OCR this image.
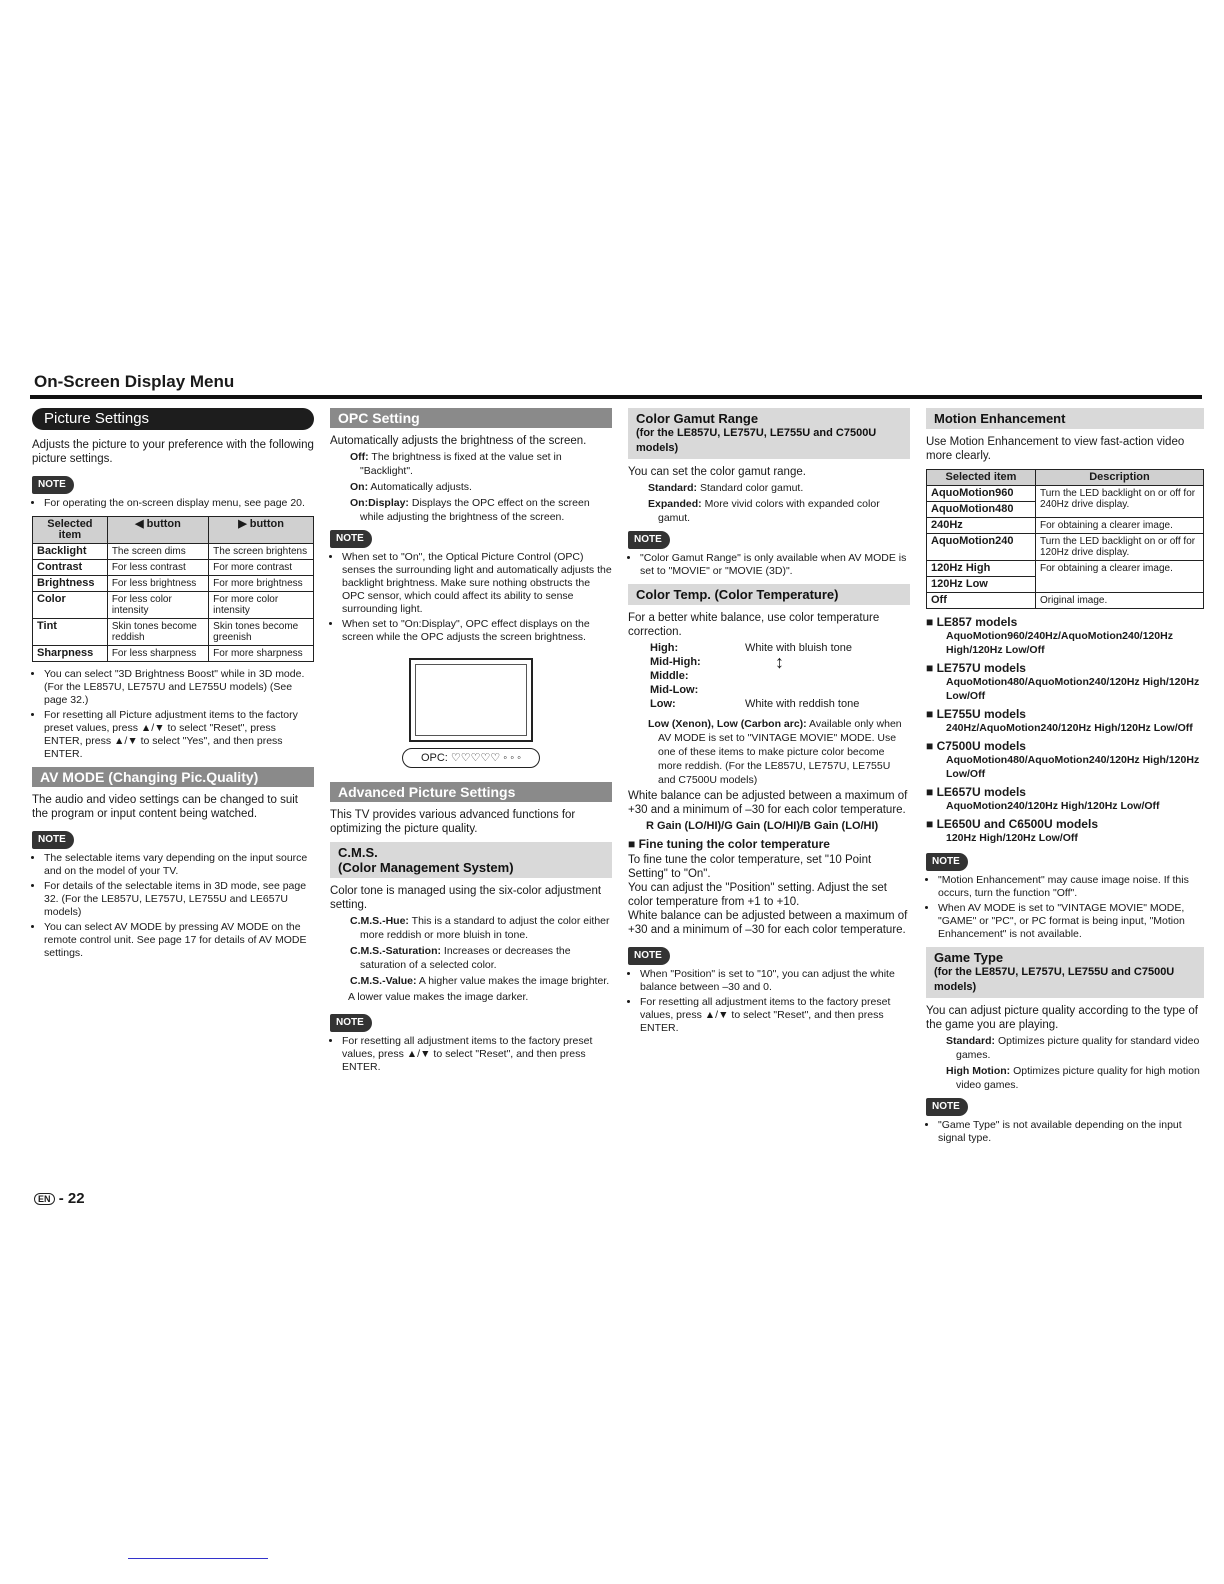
On-Screen Display Menu
Picture Settings

Adjusts the picture to your preference with the following picture settings.

NOTE
• For operating the on-screen display menu, see page 20.
Selected item	◀ button	▶ button
Backlight	The screen dims	The screen brightens
Contrast	For less contrast	For more contrast
Brightness	For less brightness	For more brightness
Color	For less color intensity	For more color intensity
Tint	Skin tones become reddish	Skin tones become greenish
Sharpness	For less sharpness	For more sharpness
• You can select "3D Brightness Boost" while in 3D mode. (For the LE857U, LE757U and LE755U models) (See page 32.)
• For resetting all Picture adjustment items to the factory preset values, press ▲/▼ to select "Reset", press ENTER, press ▲/▼ to select "Yes", and then press ENTER.
AV MODE (Changing Pic.Quality)

The audio and video settings can be changed to suit the program or input content being watched.

NOTE
• The selectable items vary depending on the input source and on the model of your TV.
• For details of the selectable items in 3D mode, see page 32. (For the LE857U, LE757U, LE755U and LE657U models)
• You can select AV MODE by pressing AV MODE on the remote control unit. See page 17 for details of AV MODE settings.
OPC Setting

Automatically adjusts the brightness of the screen.

Off: The brightness is fixed at the value set in "Backlight".
On: Automatically adjusts.
On:Display: Displays the OPC effect on the screen while adjusting the brightness of the screen.
NOTE
• When set to "On", the Optical Picture Control (OPC) senses the surrounding light and automatically adjusts the backlight brightness. Make sure nothing obstructs the OPC sensor, which could affect its ability to sense surrounding light.
• When set to "On:Display", OPC effect displays on the screen while the OPC adjusts the screen brightness.
OPC: ♡♡♡♡♡ ◦ ◦ ◦
Advanced Picture Settings

This TV provides various advanced functions for optimizing the picture quality.

C.M.S.
(Color Management System)

Color tone is managed using the six-color adjustment setting.

C.M.S.-Hue: This is a standard to adjust the color either more reddish or more bluish in tone.
C.M.S.-Saturation: Increases or decreases the saturation of a selected color.
C.M.S.-Value: A higher value makes the image brighter.
A lower value makes the image darker.
NOTE
• For resetting all adjustment items to the factory preset values, press ▲/▼ to select "Reset", and then press ENTER.
Color Gamut Range
(for the LE857U, LE757U, LE755U and C7500U models)

You can set the color gamut range.

Standard: Standard color gamut.
Expanded: More vivid colors with expanded color gamut.
NOTE
• "Color Gamut Range" is only available when AV MODE is set to "MOVIE" or "MOVIE (3D)".
Color Temp. (Color Temperature)

For a better white balance, use color temperature correction.

High:	White with bluish tone
Mid-High:	↕
Middle:
Mid-Low:
Low:	White with reddish tone
Low (Xenon), Low (Carbon arc): Available only when AV MODE is set to "VINTAGE MOVIE" MODE. Use one of these items to make picture color become more reddish. (For the LE857U, LE757U, LE755U and C7500U models)

White balance can be adjusted between a maximum of +30 and a minimum of –30 for each color temperature.

R Gain (LO/HI)/G Gain (LO/HI)/B Gain (LO/HI)

■ Fine tuning the color temperature

To fine tune the color temperature, set "10 Point Setting" to "On".

You can adjust the "Position" setting. Adjust the set color temperature from +1 to +10.

White balance can be adjusted between a maximum of +30 and a minimum of –30 for each color temperature.

NOTE
• When "Position" is set to "10", you can adjust the white balance between –30 and 0.
• For resetting all adjustment items to the factory preset values, press ▲/▼ to select "Reset", and then press ENTER.
Motion Enhancement

Use Motion Enhancement to view fast-action video more clearly.

Selected item	Description
AquoMotion960	Turn the LED backlight on or off for 240Hz drive display.
AquoMotion480	
240Hz	For obtaining a clearer image.
AquoMotion240	Turn the LED backlight on or off for 120Hz drive display.
120Hz High	For obtaining a clearer image.
120Hz Low	
Off	Original image.
■ LE857 models
AquoMotion960/240Hz/AquoMotion240/120Hz High/120Hz Low/Off
■ LE757U models
AquoMotion480/AquoMotion240/120Hz High/120Hz Low/Off
■ LE755U models
240Hz/AquoMotion240/120Hz High/120Hz Low/Off
■ C7500U models
AquoMotion480/AquoMotion240/120Hz High/120Hz Low/Off
■ LE657U models
AquoMotion240/120Hz High/120Hz Low/Off
■ LE650U and C6500U models
120Hz High/120Hz Low/Off
NOTE
• "Motion Enhancement" may cause image noise. If this occurs, turn the function "Off".
• When AV MODE is set to "VINTAGE MOVIE" MODE, "GAME" or "PC", or PC format is being input, "Motion Enhancement" is not available.
Game Type
(for the LE857U, LE757U, LE755U and C7500U models)

You can adjust picture quality according to the type of the game you are playing.

Standard: Optimizes picture quality for standard video games.
High Motion: Optimizes picture quality for high motion video games.
NOTE
• "Game Type" is not available depending on the input signal type.
EN - 22
